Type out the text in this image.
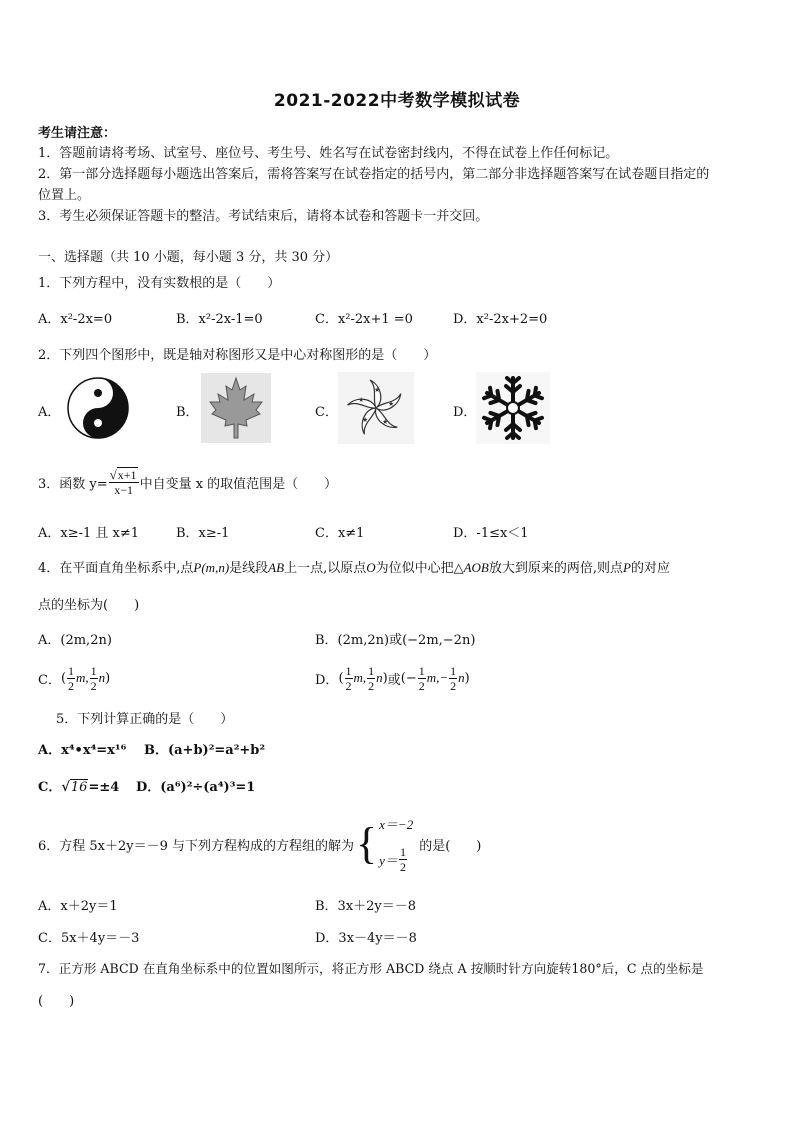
2021-2022中考数学模拟试卷
考生请注意：
1．答题前请将考场、试室号、座位号、考生号、姓名写在试卷密封线内，不得在试卷上作任何标记。
2．第一部分选择题每小题选出答案后，需将答案写在试卷指定的括号内，第二部分非选择题答案写在试卷题目指定的
位置上。
3．考生必须保证答题卡的整洁。考试结束后，请将本试卷和答题卡一并交回。
一、选择题（共 10 小题，每小题 3 分，共 30 分）
1．下列方程中，没有实数根的是（　　）
A．x²-2x=0	B．x²-2x-1=0	C．x²-2x+1 =0	D．x²-2x+2=0
2．下列四个图形中，既是轴对称图形又是中心对称图形的是（　　）
A．	B．	C．	D．
★
★
★
★
★
3．函数 $y= \frac{√x+1}{x-1}$ 中自变量 x 的取值范围是（　　）
A．x≥-1 且 x≠1	B．x≥-1	C．x≠1	D．-1≤x＜1
4．在平面直角坐标系中,点P(m,n)是线段AB上一点,以原点O为位似中心把△AOB放大到原来的两倍,则点P的对应
点的坐标为(　　)
A．(2m,2n)	B．(2m,2n)或(−2m,−2n)
C． ( $\frac{1}{2} m$, $\frac{1}{2}$ n )	D． ( $\frac{1}{2} m$, $\frac{1}{2}$ n ) 或 (− $\frac{1}{2} m,- \frac{1}{2}$ n )
5．下列计算正确的是（　　）
A．x⁴•x⁴=x¹⁶ B．(a+b)²=a²+b²
C．√16=±4 D．(a⁶)²÷(a⁴)³=1
6．方程 5x＋2y＝－9 与下列方程构成的方程组的解为 { x＝−2
$y= \frac{1}{2}$ 的是(　　)
A．x＋2y＝1	B．3x＋2y＝－8
C．5x＋4y＝－3	D．3x－4y＝－8
7．正方形 ABCD 在直角坐标系中的位置如图所示，将正方形 ABCD 绕点 A 按顺时针方向旋转180°后，C 点的坐标是
(　　)
